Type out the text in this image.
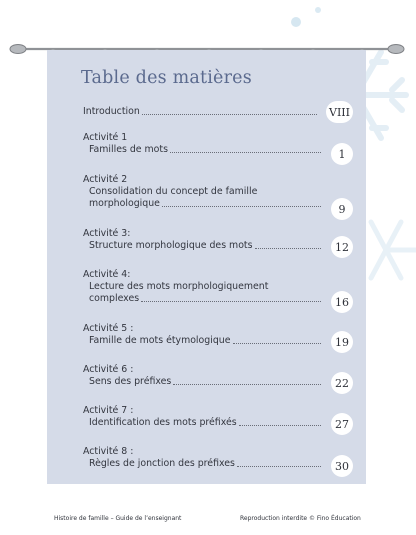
Table des matières
Introduction	VIII
Activité 1
Familles de mots	1
Activité 2
Consolidation du concept de famille
morphologique	9
Activité 3:
Structure morphologique des mots	12
Activité 4:
Lecture des mots morphologiquement
complexes	16
Activité 5 :
Famille de mots étymologique	19
Activité 6 :
Sens des préfixes	22
Activité 7 :
Identification des mots préfixés	27
Activité 8 :
Règles de jonction des préfixes	30
Histoire de famille – Guide de l’enseignant	Reproduction interdite © Fino Éducation
